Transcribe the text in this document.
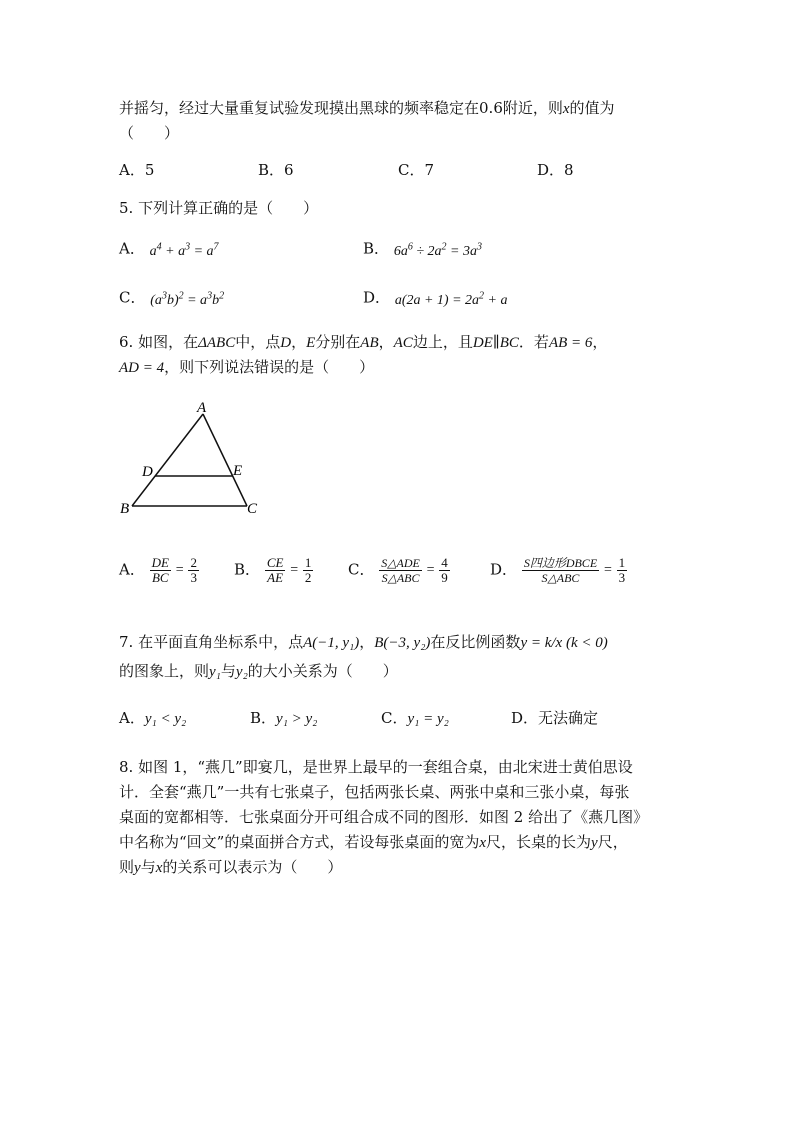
并摇匀，经过大量重复试验发现摸出黑球的频率稳定在0.6附近，则x的值为
（　　）
A．5	B．6	C．7	D．8
5. 下列计算正确的是（　　）
A． $a^4 + a^3 = a^7$	B． $6a^6 \div 2a^2 = 3a^3$
C． $(a^3b)^2 = a^3b^2$	D． $a(2a + 1) = 2a^2 + a$
6. 如图，在ΔABC中，点D，E分别在AB，AC边上，且DE∥BC．若AB = 6，
AD = 4，则下列说法错误的是（　　）
A
D	E
B	C
A． $\frac{DE}{BC} = \frac{2}{3}$ B． $\frac{CE}{AE} = \frac{1}{2}$ C． $\frac{\text{S△ADE}}{\text{S△ABC}} = \frac{4}{9}$	D． $\frac{\text{S四边形DBCE}}{\text{S△ABC}} = \frac{1}{3}$
7. 在平面直角坐标系中，点A(−1, y₁)，B(−3, y₂)在反比例函数y = k/x (k < 0)
的图象上，则y₁与y₂的大小关系为（　　）
A．y₁ < y₂	B．y₁ > y₂	C．y₁ = y₂	D．无法确定
8. 如图 1，“燕几”即宴几，是世界上最早的一套组合桌，由北宋进士黄伯思设
计．全套“燕几”一共有七张桌子，包括两张长桌、两张中桌和三张小桌，每张
桌面的宽都相等．七张桌面分开可组合成不同的图形．如图 2 给出了《燕几图》
中名称为“回文”的桌面拼合方式，若设每张桌面的宽为x尺，长桌的长为y尺，
则y与x的关系可以表示为（　　）
